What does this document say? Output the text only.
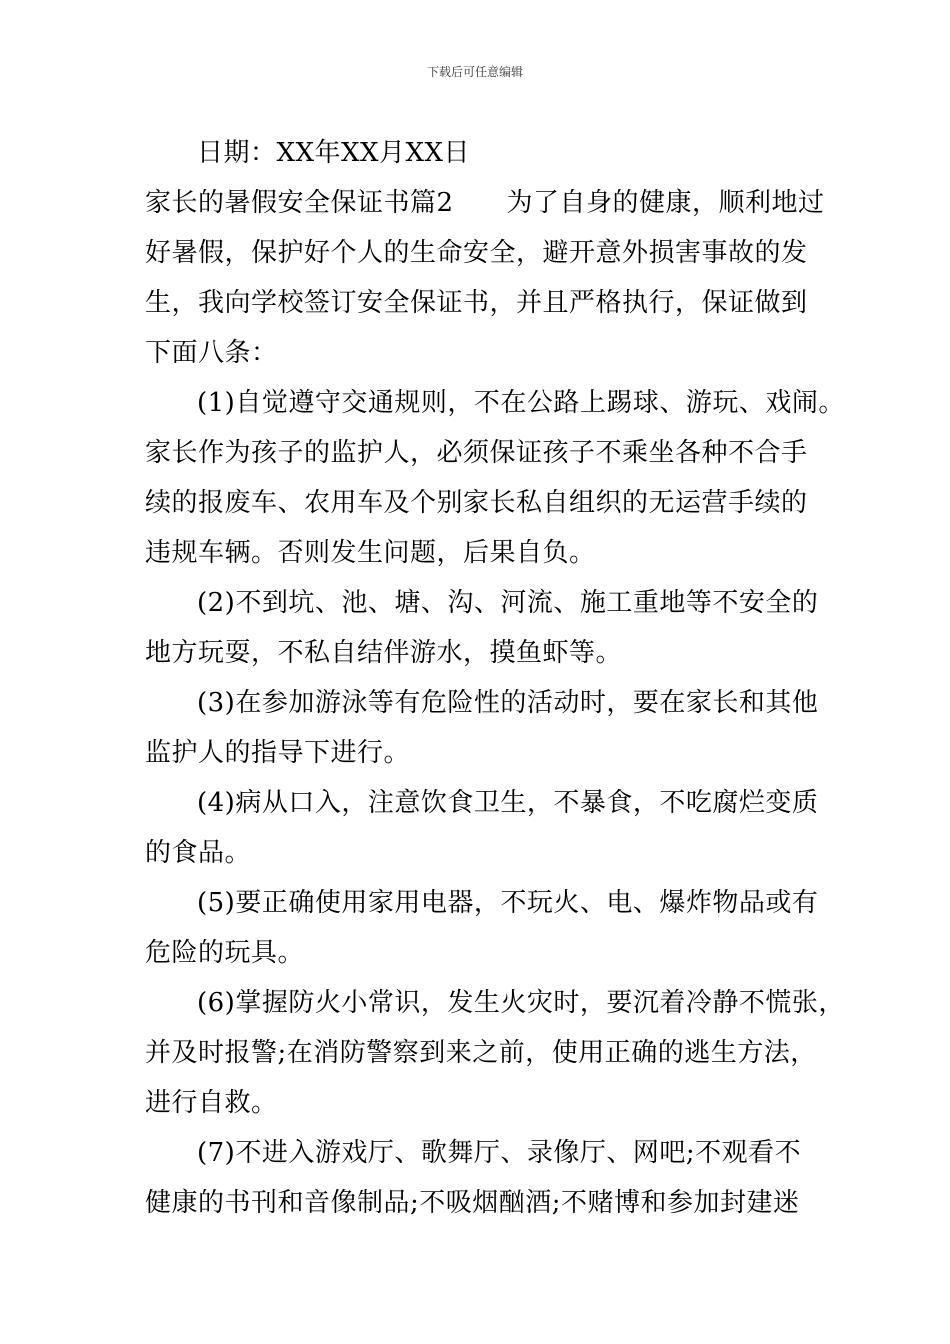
下载后可任意编辑
日期：XX年XX月XX日
家长的暑假安全保证书篇2　　为了自身的健康，顺利地过
好暑假，保护好个人的生命安全，避开意外损害事故的发
生，我向学校签订安全保证书，并且严格执行，保证做到
下面八条：
(1)自觉遵守交通规则，不在公路上踢球、游玩、戏闹。
家长作为孩子的监护人，必须保证孩子不乘坐各种不合手
续的报废车、农用车及个别家长私自组织的无运营手续的
违规车辆。否则发生问题，后果自负。
(2)不到坑、池、塘、沟、河流、施工重地等不安全的
地方玩耍，不私自结伴游水，摸鱼虾等。
(3)在参加游泳等有危险性的活动时，要在家长和其他
监护人的指导下进行。
(4)病从口入，注意饮食卫生，不暴食，不吃腐烂变质
的食品。
(5)要正确使用家用电器，不玩火、电、爆炸物品或有
危险的玩具。
(6)掌握防火小常识，发生火灾时，要沉着冷静不慌张，
并及时报警;在消防警察到来之前，使用正确的逃生方法，
进行自救。
(7)不进入游戏厅、歌舞厅、录像厅、网吧;不观看不
健康的书刊和音像制品;不吸烟酗酒;不赌博和参加封建迷
